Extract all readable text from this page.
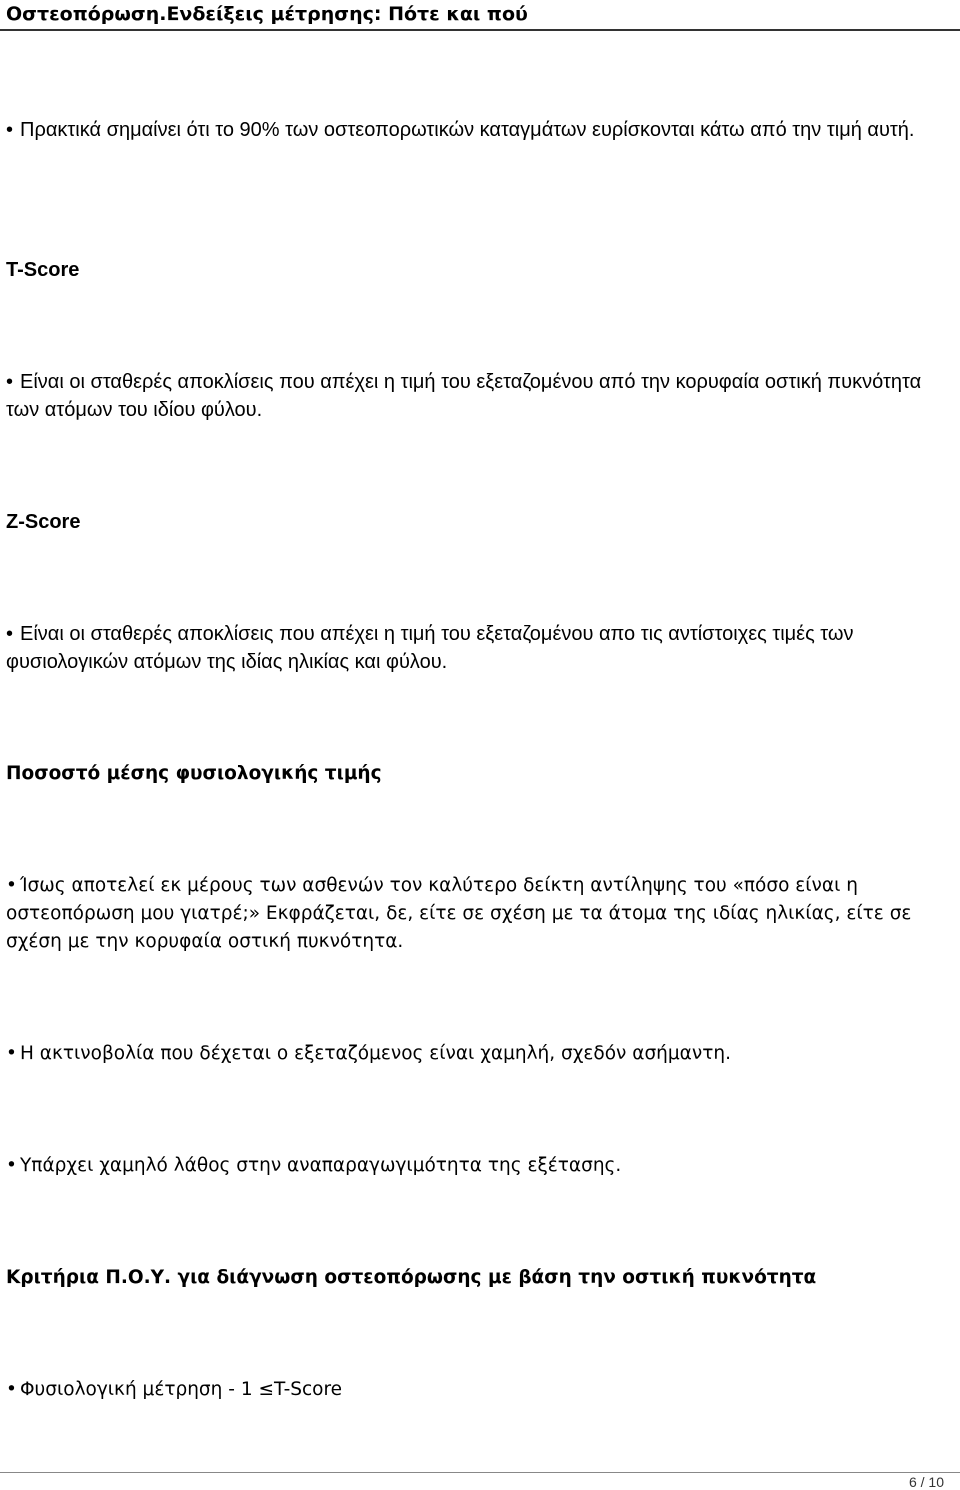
Οστεοπόρωση.Ενδείξεις μέτρησης: Πότε και πού
• Πρακτικά σημαίνει ότι το 90% των οστεοπορωτικών καταγμάτων ευρίσκονται κάτω από την τιμή αυτή.
T-Score
• Είναι οι σταθερές αποκλίσεις που απέχει η τιμή του εξεταζομένου από την κορυφαία οστική πυκνότητα των ατόμων του ιδίου φύλου.
Z-Score
• Είναι οι σταθερές αποκλίσεις που απέχει η τιμή του εξεταζομένου απο τις αντίστοιχες τιμές των φυσιολογικών ατόμων της ιδίας ηλικίας και φύλου.
Ποσοστό μέσης φυσιολογικής τιμής
• Ίσως αποτελεί εκ μέρους των ασθενών τον καλύτερο δείκτη αντίληψης του «πόσο είναι η οστεοπόρωση μου γιατρέ;» Εκφράζεται, δε, είτε σε σχέση με τα άτομα της ιδίας ηλικίας, είτε σε σχέση με την κορυφαία οστική πυκνότητα.
• Η ακτινοβολία που δέχεται ο εξεταζόμενος είναι χαμηλή, σχεδόν ασήμαντη.
• Υπάρχει χαμηλό λάθος στην αναπαραγωγιμότητα της εξέτασης.
Κριτήρια Π.Ο.Υ. για διάγνωση οστεοπόρωσης με βάση την οστική πυκνότητα
• Φυσιολογική μέτρηση - 1 ≤T-Score
6 / 10
